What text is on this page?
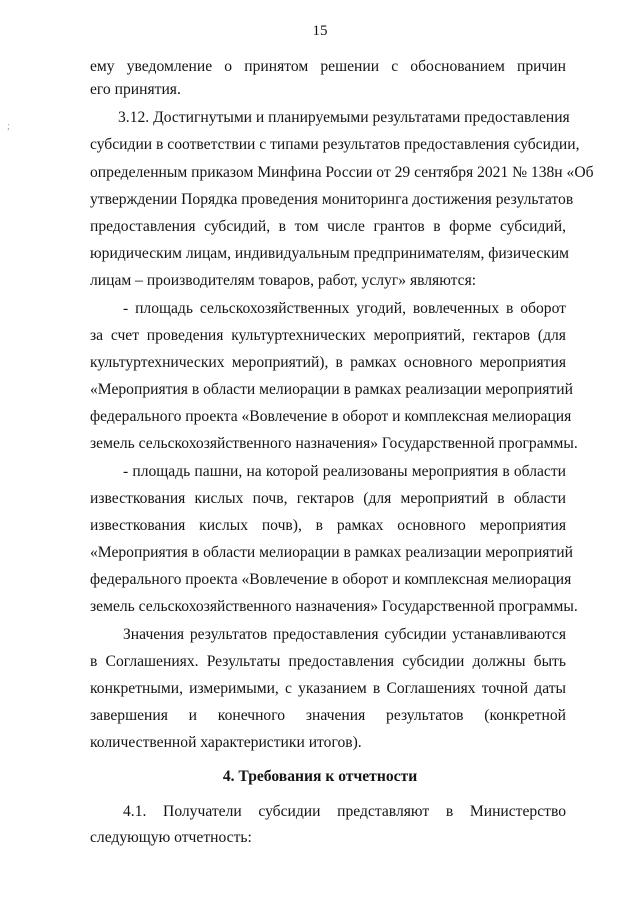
;
15
ему уведомление о принятом решении с обоснованием причин
его принятия.
3.12. Достигнутыми и планируемыми результатами предоставления
субсидии в соответствии с типами результатов предоставления субсидии,
определенным приказом Минфина России от 29 сентября 2021 № 138н «Об
утверждении Порядка проведения мониторинга достижения результатов
предоставления субсидий, в том числе грантов в форме субсидий,
юридическим лицам, индивидуальным предпринимателям, физическим
лицам – производителям товаров, работ, услуг» являются:
- площадь сельскохозяйственных угодий, вовлеченных в оборот
за счет проведения культуртехнических мероприятий, гектаров (для
культуртехнических мероприятий), в рамках основного мероприятия
«Мероприятия в области мелиорации в рамках реализации мероприятий
федерального проекта «Вовлечение в оборот и комплексная мелиорация
земель сельскохозяйственного назначения» Государственной программы.
- площадь пашни, на которой реализованы мероприятия в области
известкования кислых почв, гектаров (для мероприятий в области
известкования кислых почв), в рамках основного мероприятия
«Мероприятия в области мелиорации в рамках реализации мероприятий
федерального проекта «Вовлечение в оборот и комплексная мелиорация
земель сельскохозяйственного назначения» Государственной программы.
Значения результатов предоставления субсидии устанавливаются
в Соглашениях. Результаты предоставления субсидии должны быть
конкретными, измеримыми, с указанием в Соглашениях точной даты
завершения и конечного значения результатов (конкретной
количественной характеристики итогов).
4.1. Получатели субсидии представляют в Министерство
следующую отчетность:
4. Требования к отчетности
